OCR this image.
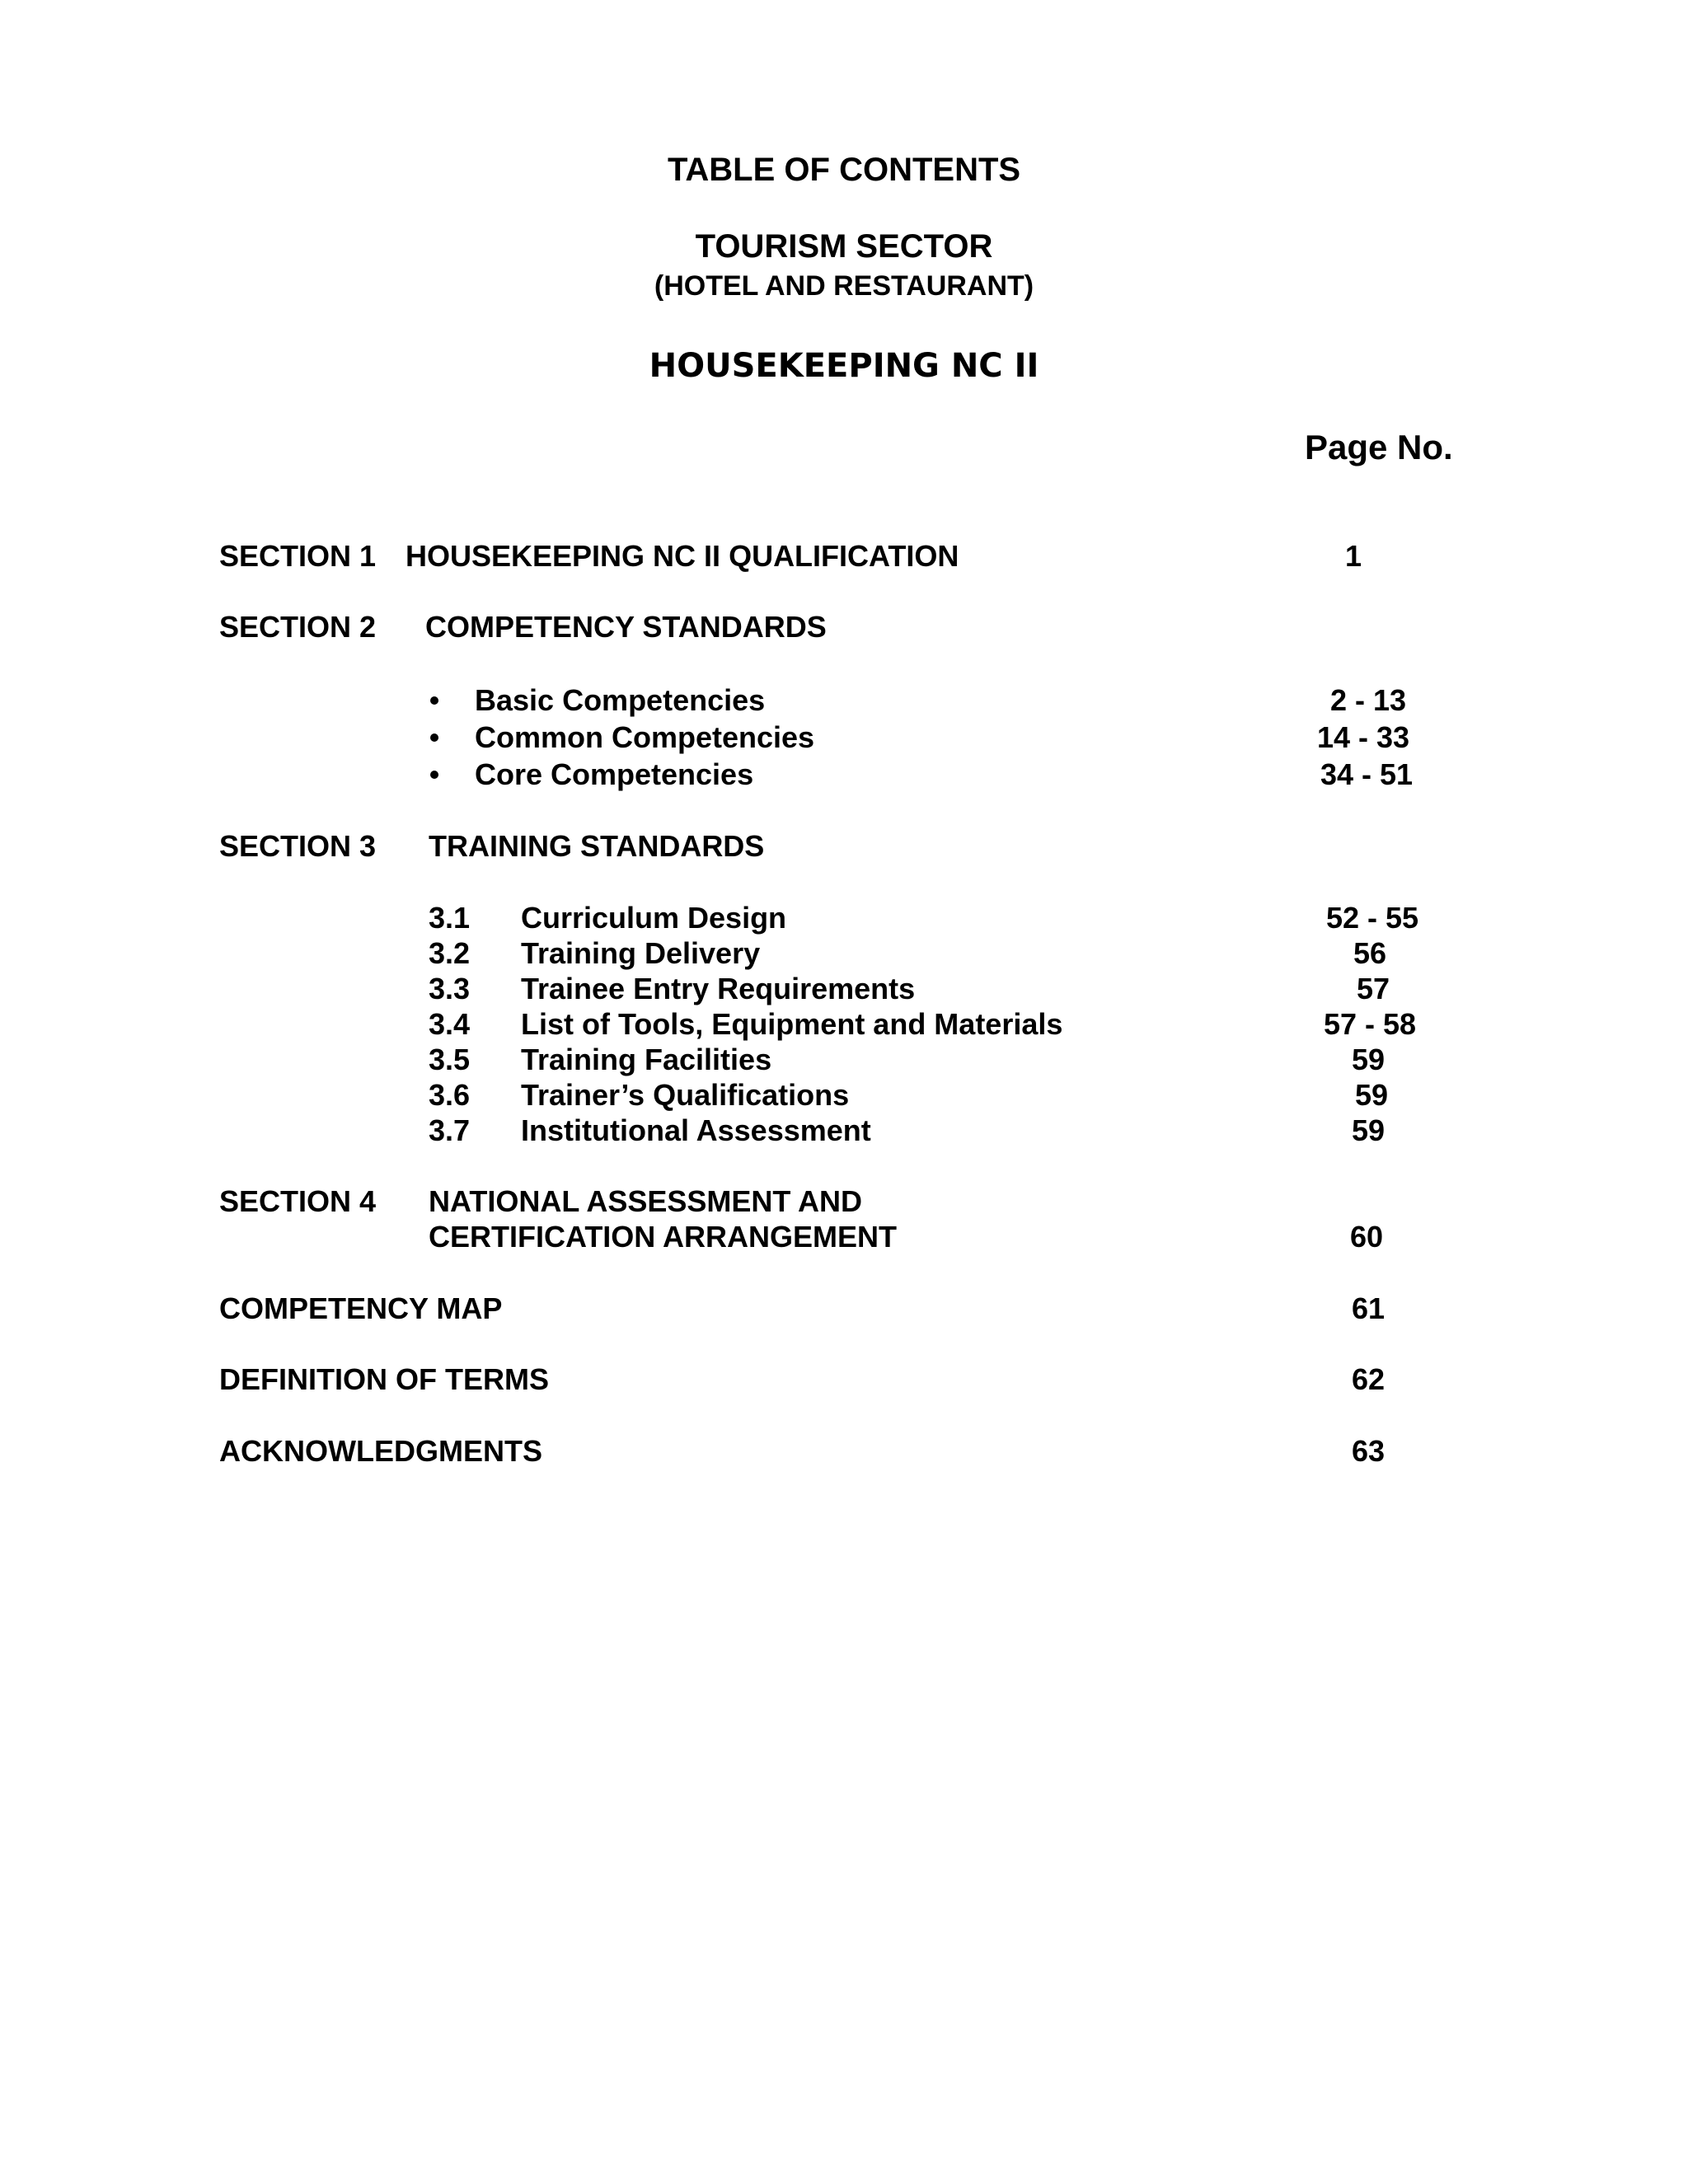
TABLE OF CONTENTS
TOURISM SECTOR
(HOTEL AND RESTAURANT)
HOUSEKEEPING NC II
Page No.
SECTION 1 HOUSEKEEPING NC II QUALIFICATION	1
SECTION 2 COMPETENCY STANDARDS
Basic Competencies	2 - 13
Common Competencies	14 - 33
Core Competencies	34 - 51
SECTION 3 TRAINING STANDARDS
3.1 Curriculum Design	52 - 55
3.2 Training Delivery	56
3.3 Trainee Entry Requirements	57
3.4 List of Tools, Equipment and Materials	57 - 58
3.5 Training Facilities	59
3.6 Trainer’s Qualifications	59
3.7 Institutional Assessment	59
SECTION 4 NATIONAL ASSESSMENT AND
CERTIFICATION ARRANGEMENT	60
COMPETENCY MAP	61
DEFINITION OF TERMS	62
ACKNOWLEDGMENTS	63
